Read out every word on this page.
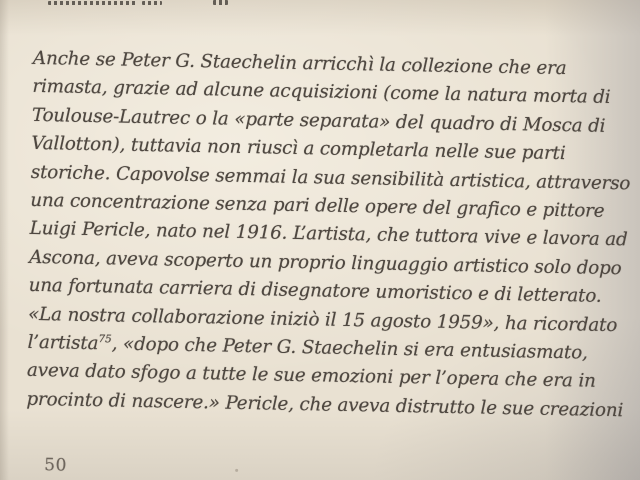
Anche se Peter G. Staechelin arricchì la collezione che era
rimasta, grazie ad alcune acquisizioni (come la natura morta di
Toulouse-Lautrec o la «parte separata» del quadro di Mosca di
Vallotton), tuttavia non riuscì a completarla nelle sue parti
storiche. Capovolse semmai la sua sensibilità artistica, attraverso
una concentrazione senza pari delle opere del grafico e pittore
Luigi Pericle, nato nel 1916. L’artista, che tuttora vive e lavora ad
Ascona, aveva scoperto un proprio linguaggio artistico solo dopo
una fortunata carriera di disegnatore umoristico e di letterato.
«La nostra collaborazione iniziò il 15 agosto 1959», ha ricordato
l’artista$^{75}$, «dopo che Peter G. Staechelin si era entusiasmato,
aveva dato sfogo a tutte le sue emozioni per l’opera che era in
procinto di nascere.» Pericle, che aveva distrutto le sue creazioni
50
